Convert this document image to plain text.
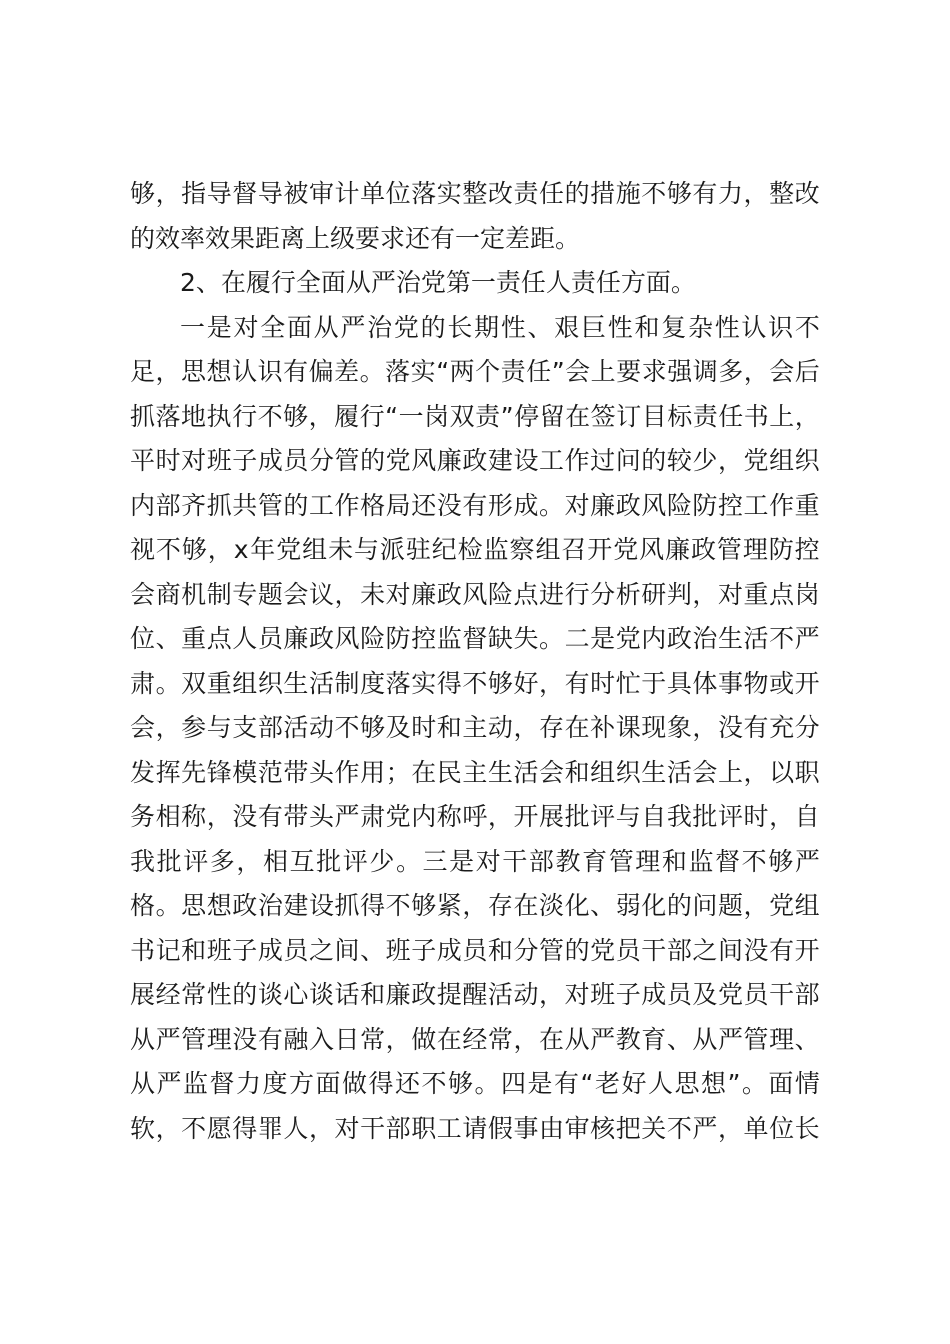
够 ， 指 导 督 导 被 审 计 单 位 落 实 整 改 责 任 的 措 施 不 够 有 力 ， 整 改
的效率效果距离上级要求还有一定差距。
2、在履行全面从严治党第一责任人责任方面。
一 是 对 全 面 从 严 治 党 的 长 期 性 、 艰 巨 性 和 复 杂 性 认 识 不
足 ， 思 想 认 识 有 偏 差 。 落 实 “ 两 个 责 任 ” 会 上 要 求 强 调 多 ， 会 后
抓 落 地 执 行 不 够 ， 履 行 “ 一 岗 双 责 ” 停 留 在 签 订 目 标 责 任 书 上 ，
平 时 对 班 子 成 员 分 管 的 党 风 廉 政 建 设 工 作 过 问 的 较 少 ， 党 组 织
内 部 齐 抓 共 管 的 工 作 格 局 还 没 有 形 成 。 对 廉 政 风 险 防 控 工 作 重
视 不 够 ， x 年 党 组 未 与 派 驻 纪 检 监 察 组 召 开 党 风 廉 政 管 理 防 控
会 商 机 制 专 题 会 议 ， 未 对 廉 政 风 险 点 进 行 分 析 研 判 ， 对 重 点 岗
位 、 重 点 人 员 廉 政 风 险 防 控 监 督 缺 失 。 二 是 党 内 政 治 生 活 不 严
肃 。 双 重 组 织 生 活 制 度 落 实 得 不 够 好 ， 有 时 忙 于 具 体 事 物 或 开
会 ， 参 与 支 部 活 动 不 够 及 时 和 主 动 ， 存 在 补 课 现 象 ， 没 有 充 分
发 挥 先 锋 模 范 带 头 作 用 ； 在 民 主 生 活 会 和 组 织 生 活 会 上 ， 以 职
务 相 称 ， 没 有 带 头 严 肃 党 内 称 呼 ， 开 展 批 评 与 自 我 批 评 时 ， 自
我 批 评 多 ， 相 互 批 评 少 。 三 是 对 干 部 教 育 管 理 和 监 督 不 够 严
格 。 思 想 政 治 建 设 抓 得 不 够 紧 ， 存 在 淡 化 、 弱 化 的 问 题 ， 党 组
书 记 和 班 子 成 员 之 间 、 班 子 成 员 和 分 管 的 党 员 干 部 之 间 没 有 开
展 经 常 性 的 谈 心 谈 话 和 廉 政 提 醒 活 动 ， 对 班 子 成 员 及 党 员 干 部
从 严 管 理 没 有 融 入 日 常 ， 做 在 经 常 ， 在 从 严 教 育 、 从 严 管 理 、
从 严 监 督 力 度 方 面 做 得 还 不 够 。 四 是 有 “ 老 好 人 思 想 ” 。 面 情
软 ， 不 愿 得 罪 人 ， 对 干 部 职 工 请 假 事 由 审 核 把 关 不 严 ， 单 位 长
